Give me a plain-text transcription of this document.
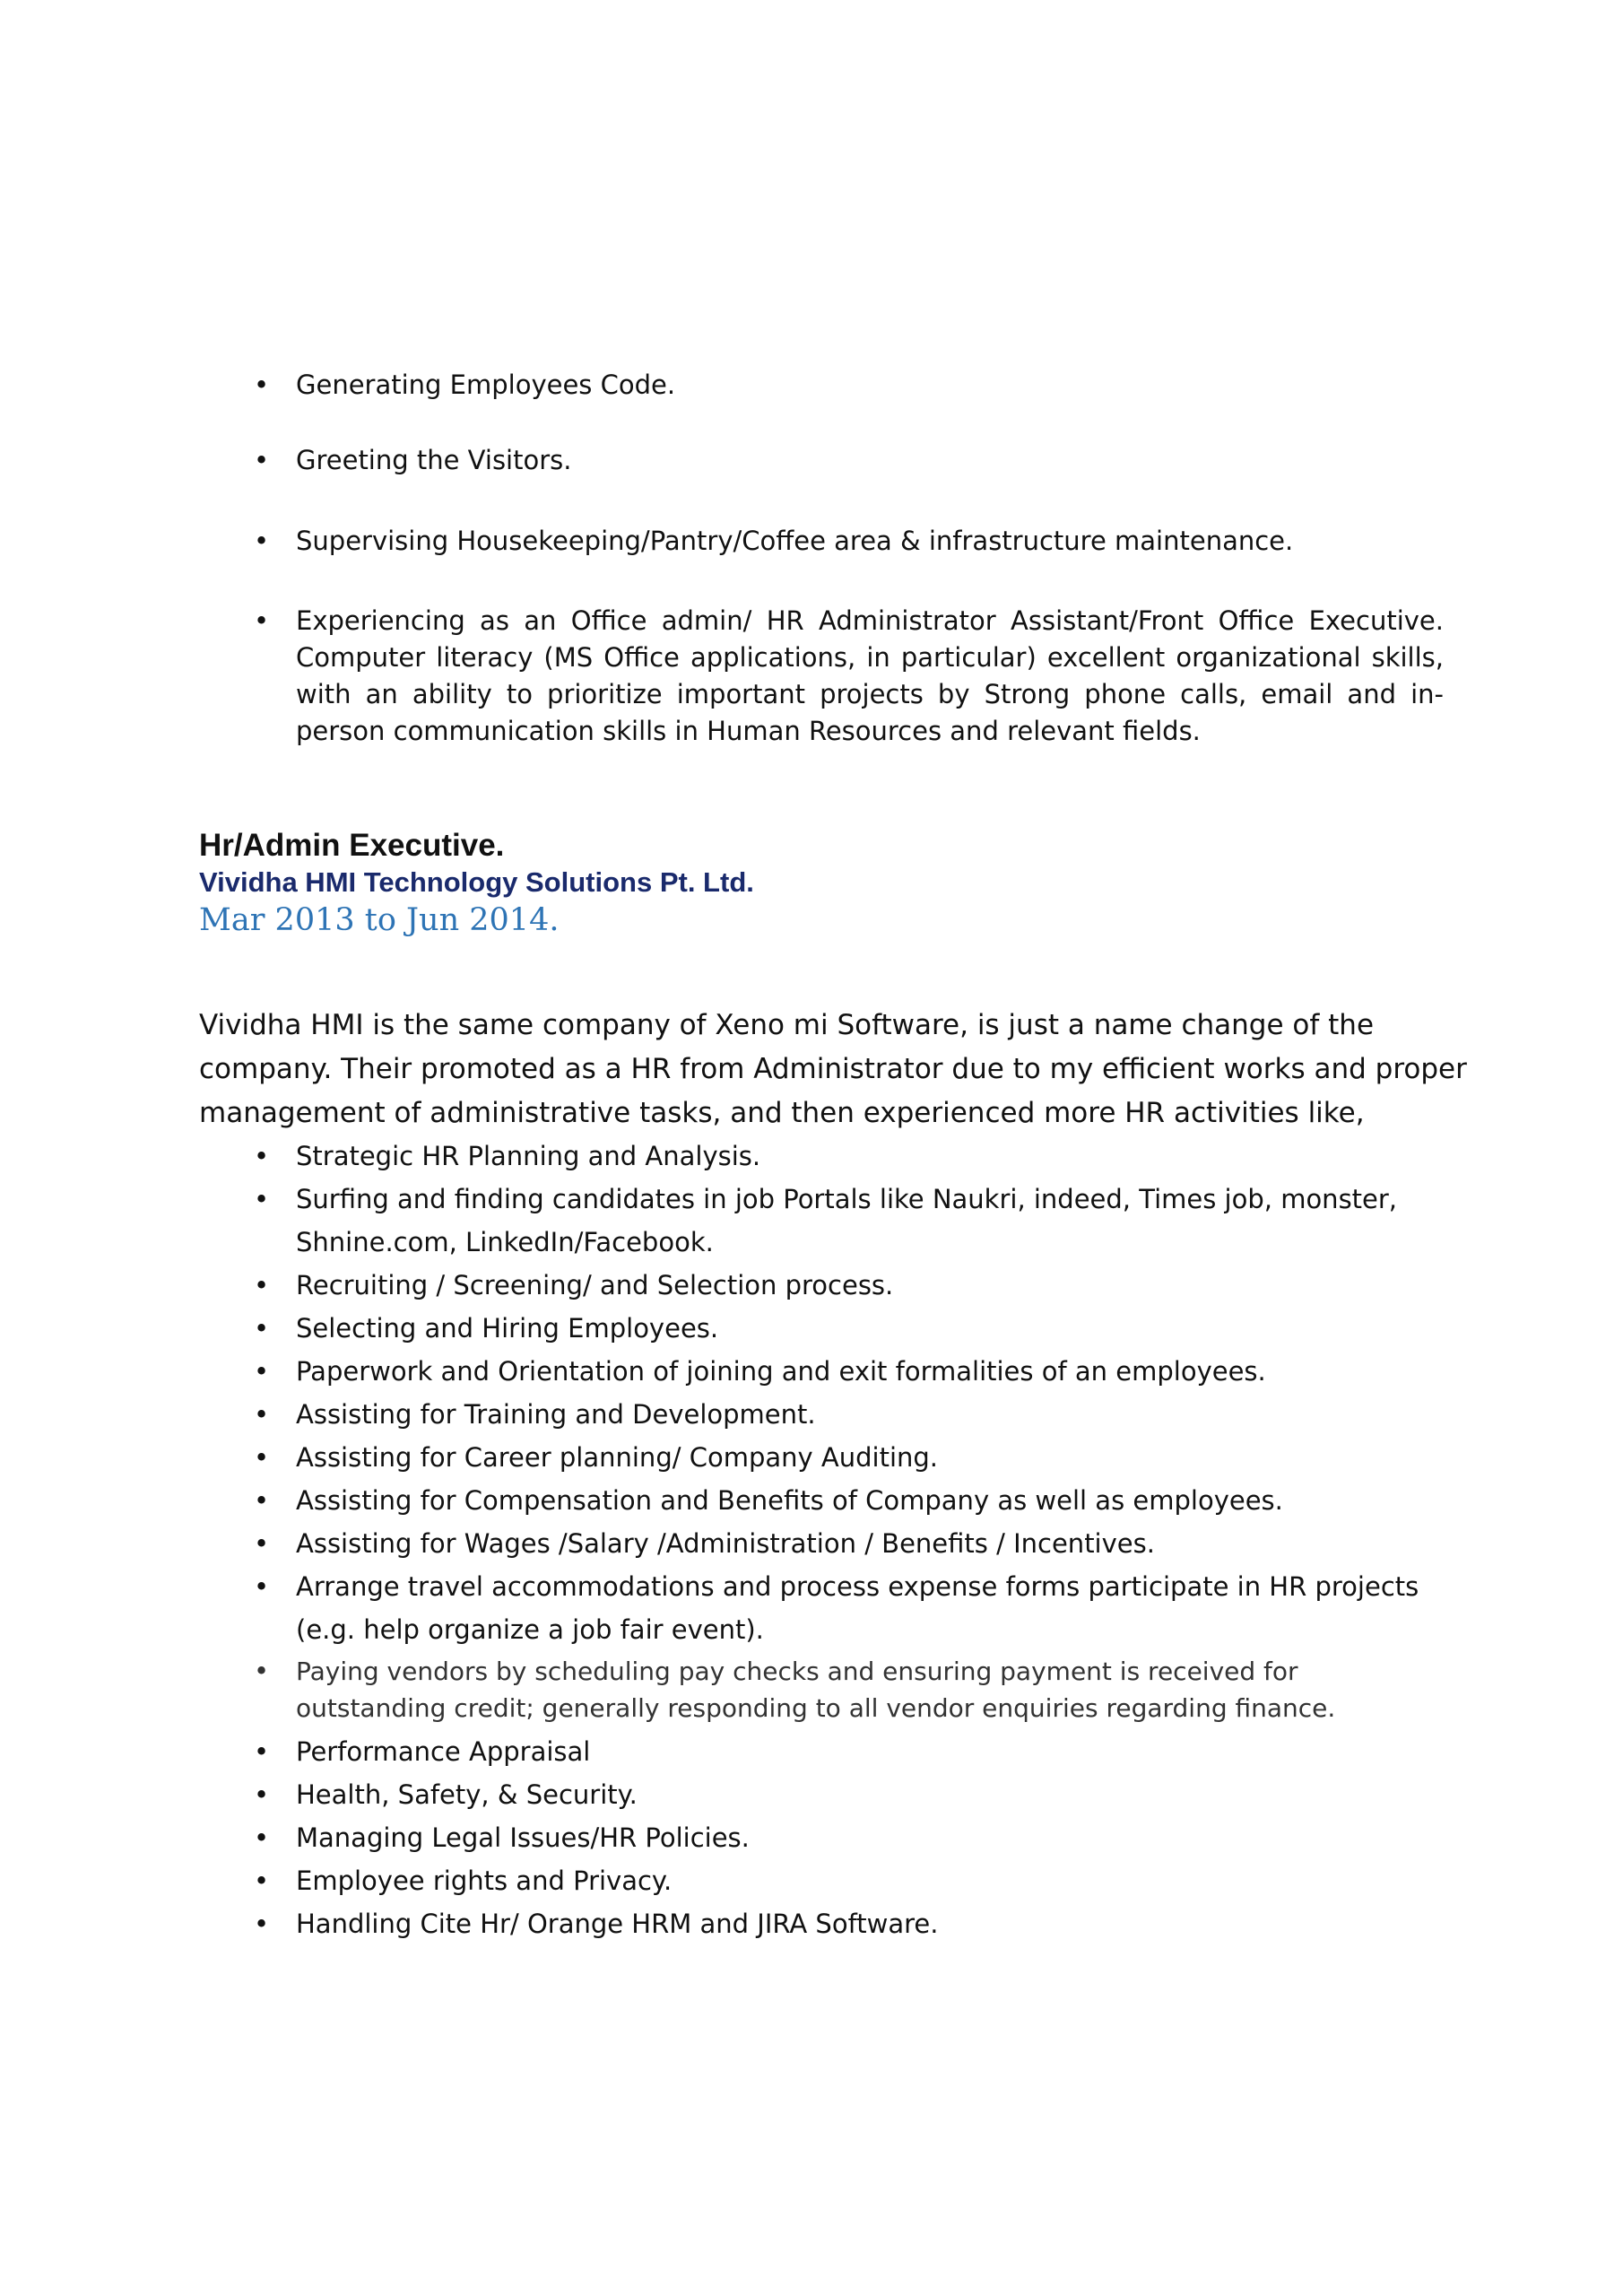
• Generating Employees Code.
• Greeting the Visitors.
• Supervising Housekeeping/Pantry/Coffee area & infrastructure maintenance.
• Experiencing as an Office admin/ HR Administrator Assistant/Front Office Executive. Computer literacy (MS Office applications, in particular) excellent organizational skills, with an ability to prioritize important projects by Strong phone calls, email and in-person communication skills in Human Resources and relevant fields.
Hr/Admin Executive.
Vividha HMI Technology Solutions Pt. Ltd.
Mar 2013 to Jun 2014.

Vividha HMI is the same company of Xeno mi Software, is just a name change of the company. Their promoted as a HR from Administrator due to my efficient works and proper management of administrative tasks, and then experienced more HR activities like,

• Strategic HR Planning and Analysis.
• Surfing and finding candidates in job Portals like Naukri, indeed, Times job, monster, Shnine.com, LinkedIn/Facebook.
• Recruiting / Screening/ and Selection process.
• Selecting and Hiring Employees.
• Paperwork and Orientation of joining and exit formalities of an employees.
• Assisting for Training and Development.
• Assisting for Career planning/ Company Auditing.
• Assisting for Compensation and Benefits of Company as well as employees.
• Assisting for Wages /Salary /Administration / Benefits / Incentives.
• Arrange travel accommodations and process expense forms participate in HR projects (e.g. help organize a job fair event).
• Paying vendors by scheduling pay checks and ensuring payment is received for outstanding credit; generally responding to all vendor enquiries regarding finance.
• Performance Appraisal
• Health, Safety, & Security.
• Managing Legal Issues/HR Policies.
• Employee rights and Privacy.
• Handling Cite Hr/ Orange HRM and JIRA Software.
